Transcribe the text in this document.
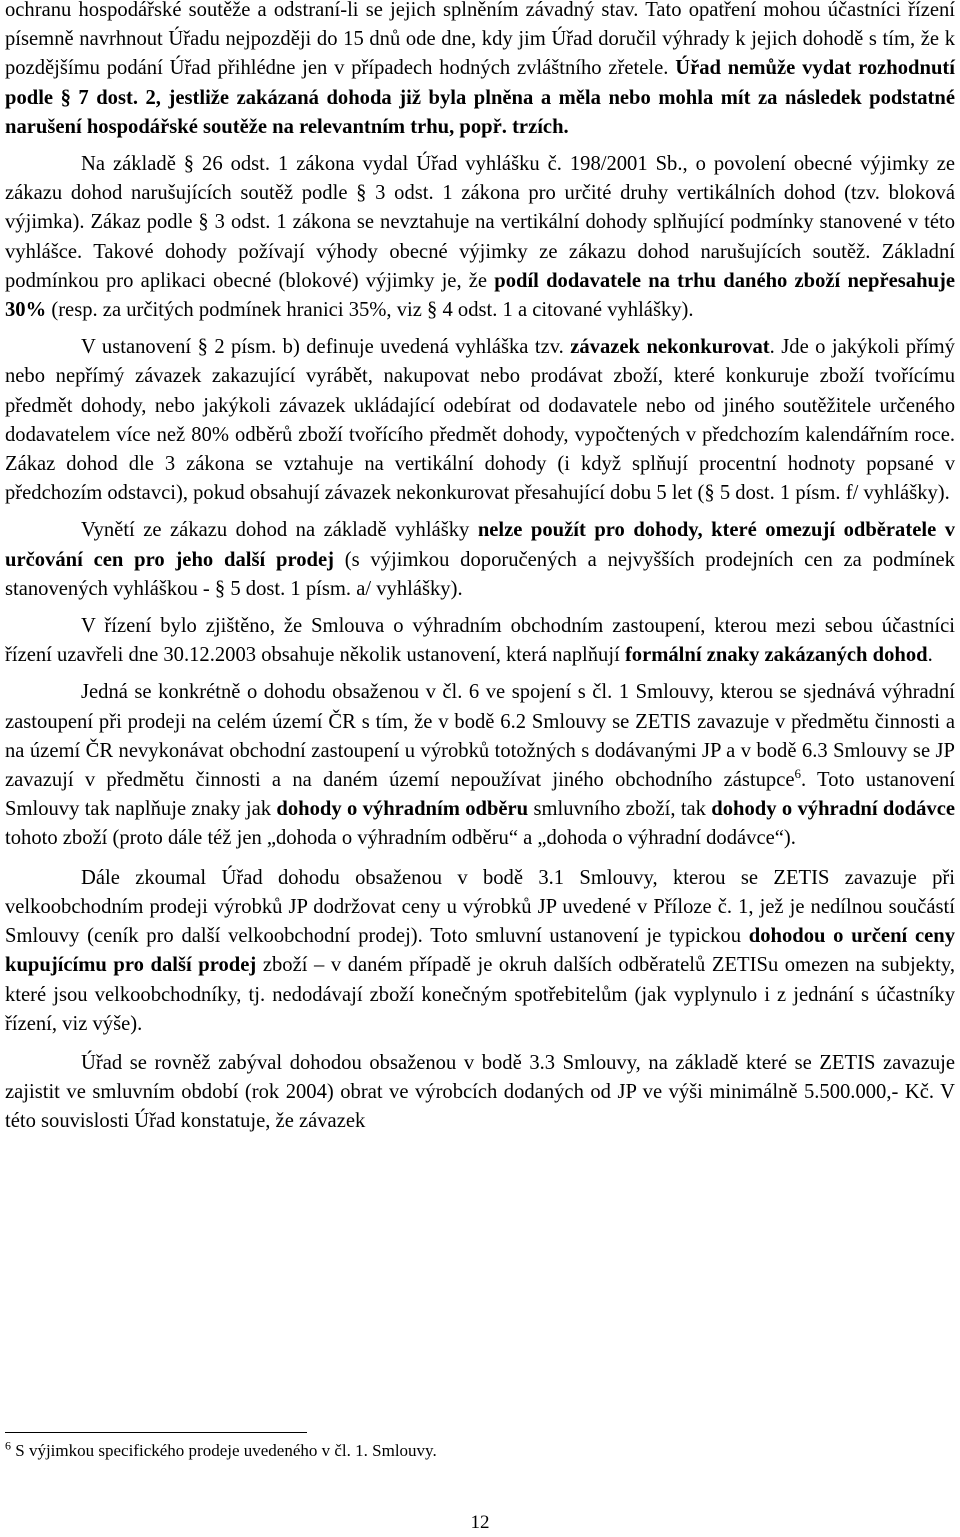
ochranu hospodářské soutěže a odstraní-li se jejich splněním závadný stav. Tato opatření mohou účastníci řízení písemně navrhnout Úřadu nejpozději do 15 dnů ode dne, kdy jim Úřad doručil výhrady k jejich dohodě s tím, že k pozdějšímu podání Úřad přihlédne jen v případech hodných zvláštního zřetele. Úřad nemůže vydat rozhodnutí podle § 7 dost. 2, jestliže zakázaná dohoda již byla plněna a měla nebo mohla mít za následek podstatné narušení hospodářské soutěže na relevantním trhu, popř. trzích.

Na základě § 26 odst. 1 zákona vydal Úřad vyhlášku č. 198/2001 Sb., o povolení obecné výjimky ze zákazu dohod narušujících soutěž podle § 3 odst. 1 zákona pro určité druhy vertikálních dohod (tzv. bloková výjimka). Zákaz podle § 3 odst. 1 zákona se nevztahuje na vertikální dohody splňující podmínky stanovené v této vyhlášce. Takové dohody požívají výhody obecné výjimky ze zákazu dohod narušujících soutěž. Základní podmínkou pro aplikaci obecné (blokové) výjimky je, že podíl dodavatele na trhu daného zboží nepřesahuje 30% (resp. za určitých podmínek hranici 35%, viz § 4 odst. 1 a citované vyhlášky).

V ustanovení § 2 písm. b) definuje uvedená vyhláška tzv. závazek nekonkurovat. Jde o jakýkoli přímý nebo nepřímý závazek zakazující vyrábět, nakupovat nebo prodávat zboží, které konkuruje zboží tvořícímu předmět dohody, nebo jakýkoli závazek ukládající odebírat od dodavatele nebo od jiného soutěžitele určeného dodavatelem více než 80% odběrů zboží tvořícího předmět dohody, vypočtených v předchozím kalendářním roce. Zákaz dohod dle 3 zákona se vztahuje na vertikální dohody (i když splňují procentní hodnoty popsané v předchozím odstavci), pokud obsahují závazek nekonkurovat přesahující dobu 5 let (§ 5 dost. 1 písm. f/ vyhlášky).

Vynětí ze zákazu dohod na základě vyhlášky nelze použít pro dohody, které omezují odběratele v určování cen pro jeho další prodej (s výjimkou doporučených a nejvyšších prodejních cen za podmínek stanovených vyhláškou - § 5 dost. 1 písm. a/ vyhlášky).

V řízení bylo zjištěno, že Smlouva o výhradním obchodním zastoupení, kterou mezi sebou účastníci řízení uzavřeli dne 30.12.2003 obsahuje několik ustanovení, která naplňují formální znaky zakázaných dohod.

Jedná se konkrétně o dohodu obsaženou v čl. 6 ve spojení s čl. 1 Smlouvy, kterou se sjednává výhradní zastoupení při prodeji na celém území ČR s tím, že v bodě 6.2 Smlouvy se ZETIS zavazuje v předmětu činnosti a na území ČR nevykonávat obchodní zastoupení u výrobků totožných s dodávanými JP a v bodě 6.3 Smlouvy se JP zavazují v předmětu činnosti a na daném území nepoužívat jiného obchodního zástupce$^6$. Toto ustanovení Smlouvy tak naplňuje znaky jak dohody o výhradním odběru smluvního zboží, tak dohody o výhradní dodávce tohoto zboží (proto dále též jen „dohoda o výhradním odběru“ a „dohoda o výhradní dodávce“).

Dále zkoumal Úřad dohodu obsaženou v bodě 3.1 Smlouvy, kterou se ZETIS zavazuje při velkoobchodním prodeji výrobků JP dodržovat ceny u výrobků JP uvedené v Příloze č. 1, jež je nedílnou součástí Smlouvy (ceník pro další velkoobchodní prodej). Toto smluvní ustanovení je typickou dohodou o určení ceny kupujícímu pro další prodej zboží – v daném případě je okruh dalších odběratelů ZETISu omezen na subjekty, které jsou velkoobchodníky, tj. nedodávají zboží konečným spotřebitelům (jak vyplynulo i z jednání s účastníky řízení, viz výše).

Úřad se rovněž zabýval dohodou obsaženou v bodě 3.3 Smlouvy, na základě které se ZETIS zavazuje zajistit ve smluvním období (rok 2004) obrat ve výrobcích dodaných od JP ve výši minimálně 5.500.000,- Kč. V této souvislosti Úřad konstatuje, že závazek

$^6$ S výjimkou specifického prodeje uvedeného v čl. 1. Smlouvy.
12
